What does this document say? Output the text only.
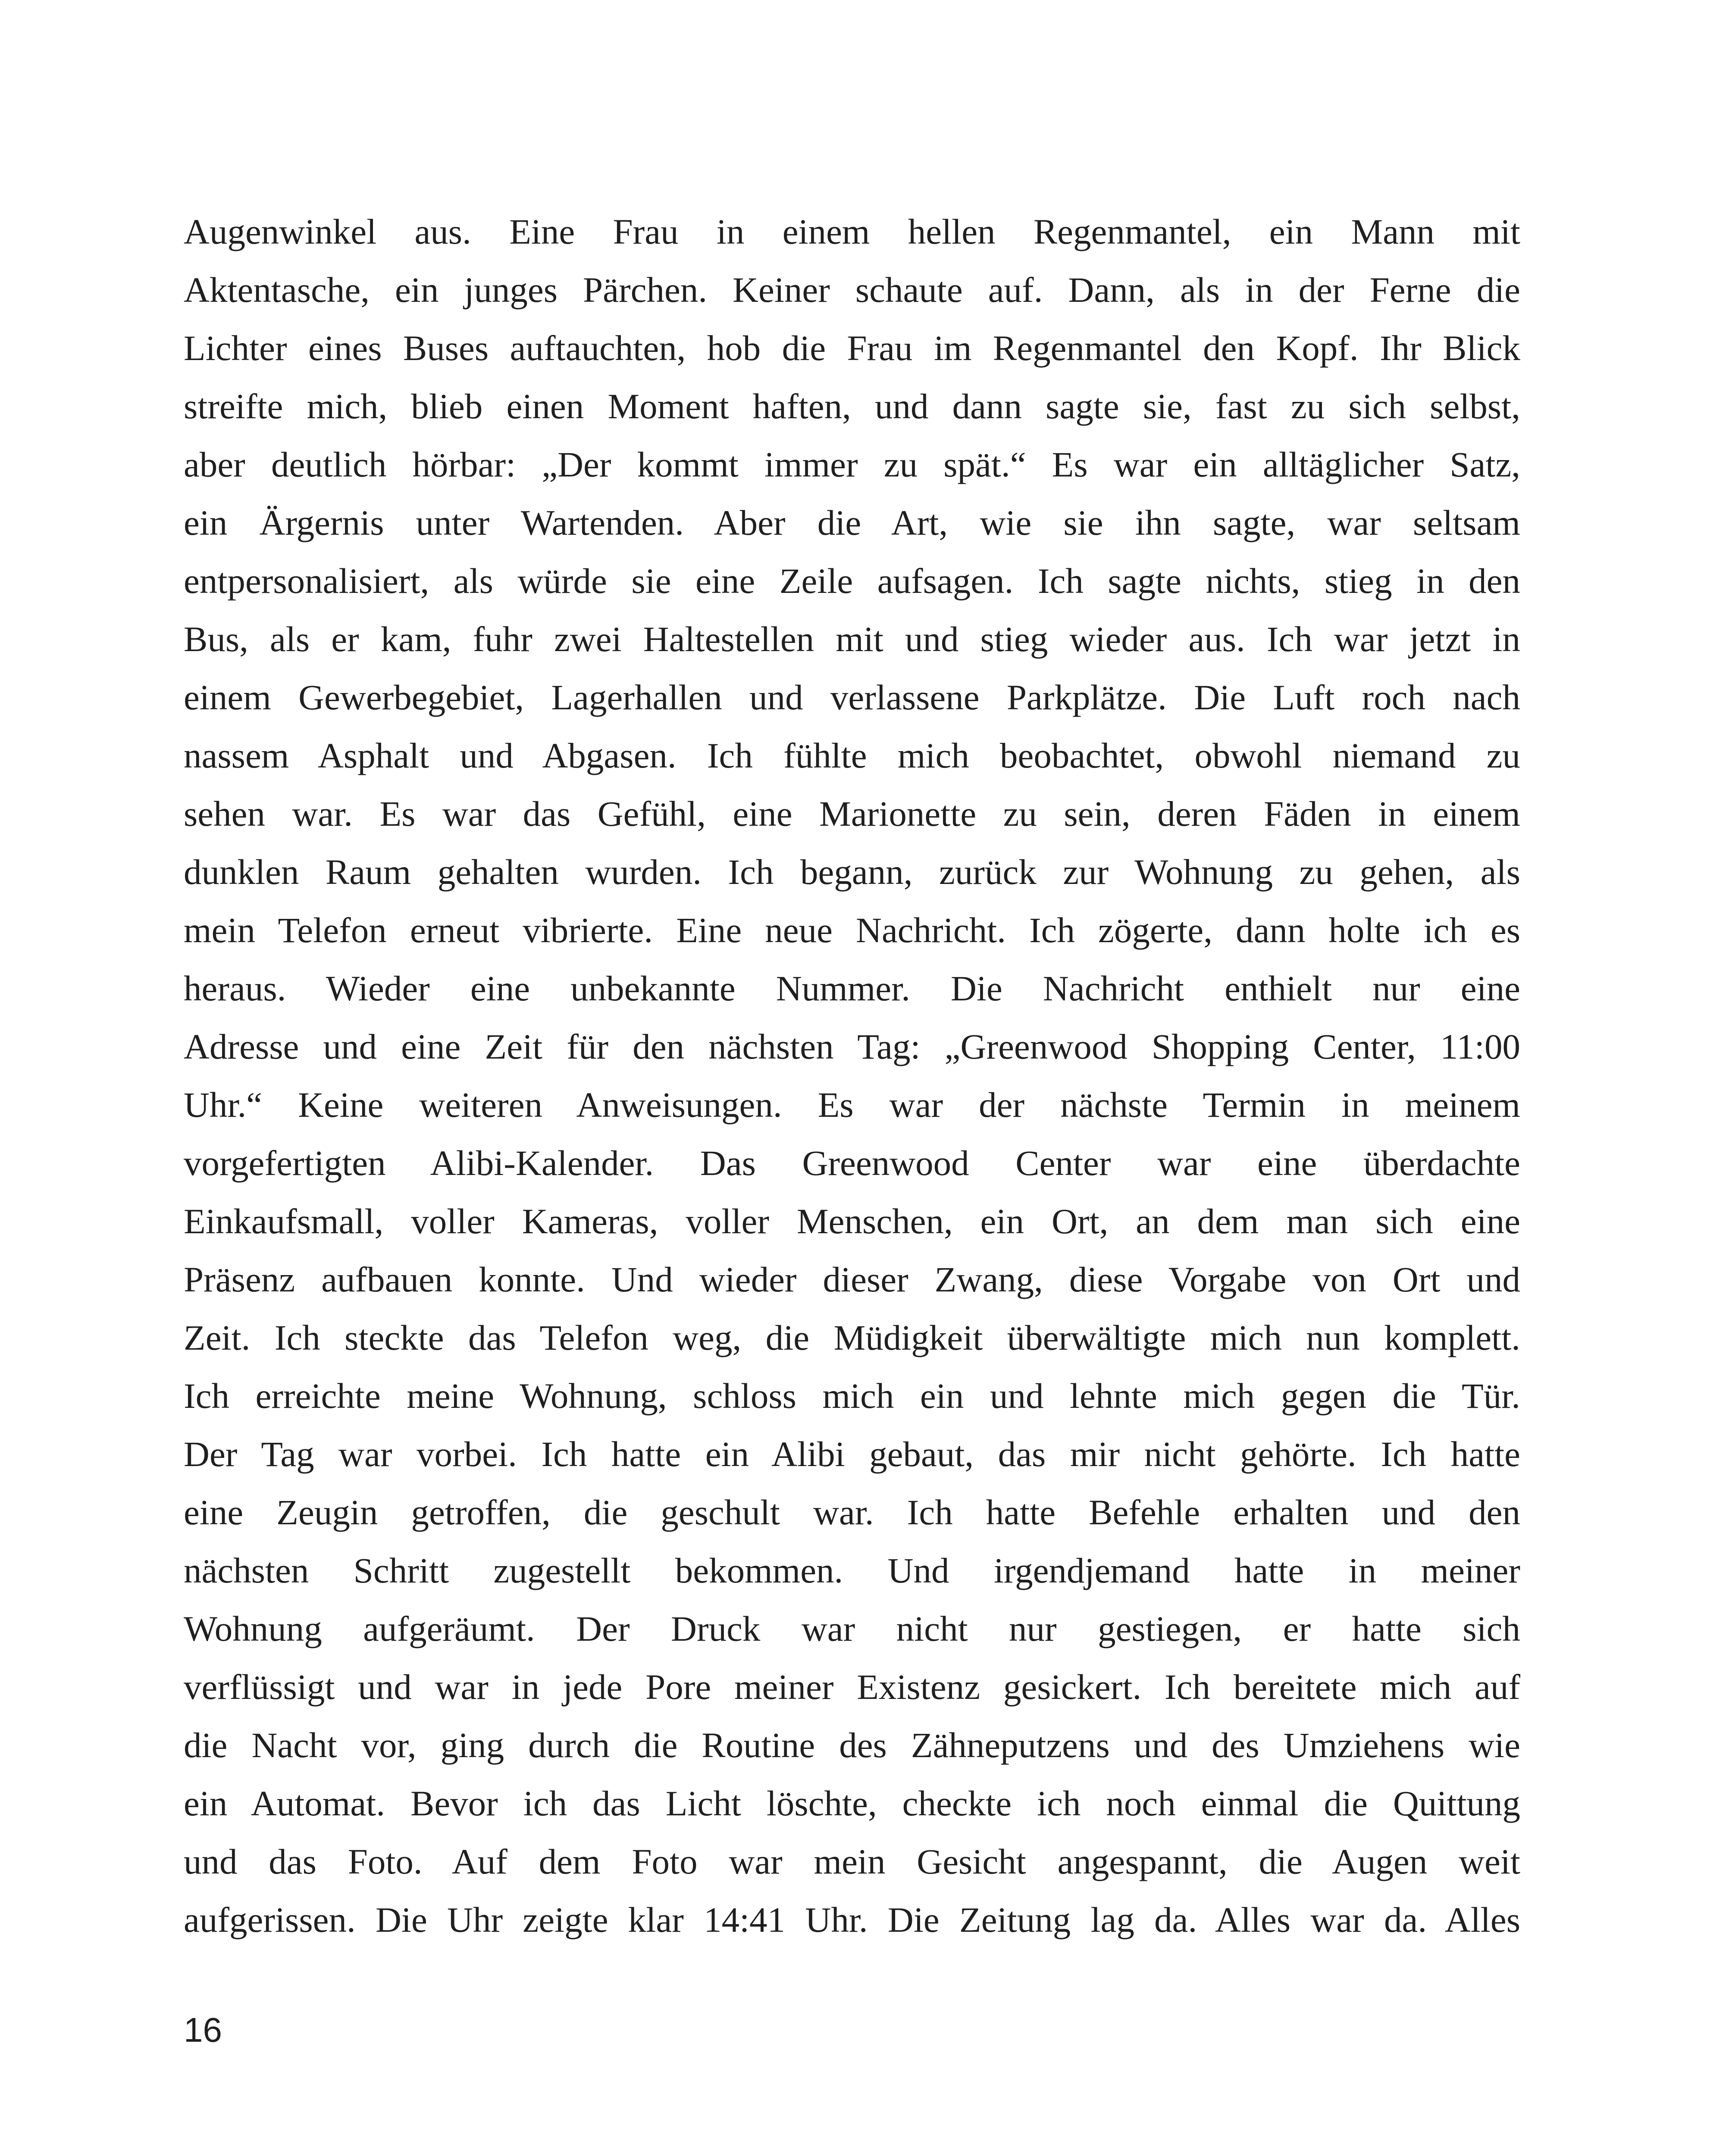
Augenwinkel aus. Eine Frau in einem hellen Regenmantel, ein Mann mit
Aktentasche, ein junges Pärchen. Keiner schaute auf. Dann, als in der Ferne die
Lichter eines Buses auftauchten, hob die Frau im Regenmantel den Kopf. Ihr Blick
streifte mich, blieb einen Moment haften, und dann sagte sie, fast zu sich selbst,
aber deutlich hörbar: „Der kommt immer zu spät.“ Es war ein alltäglicher Satz,
ein Ärgernis unter Wartenden. Aber die Art, wie sie ihn sagte, war seltsam
entpersonalisiert, als würde sie eine Zeile aufsagen. Ich sagte nichts, stieg in den
Bus, als er kam, fuhr zwei Haltestellen mit und stieg wieder aus. Ich war jetzt in
einem Gewerbegebiet, Lagerhallen und verlassene Parkplätze. Die Luft roch nach
nassem Asphalt und Abgasen. Ich fühlte mich beobachtet, obwohl niemand zu
sehen war. Es war das Gefühl, eine Marionette zu sein, deren Fäden in einem
dunklen Raum gehalten wurden. Ich begann, zurück zur Wohnung zu gehen, als
mein Telefon erneut vibrierte. Eine neue Nachricht. Ich zögerte, dann holte ich es
heraus. Wieder eine unbekannte Nummer. Die Nachricht enthielt nur eine
Adresse und eine Zeit für den nächsten Tag: „Greenwood Shopping Center, 11:00
Uhr.“ Keine weiteren Anweisungen. Es war der nächste Termin in meinem
vorgefertigten Alibi-Kalender. Das Greenwood Center war eine überdachte
Einkaufsmall, voller Kameras, voller Menschen, ein Ort, an dem man sich eine
Präsenz aufbauen konnte. Und wieder dieser Zwang, diese Vorgabe von Ort und
Zeit. Ich steckte das Telefon weg, die Müdigkeit überwältigte mich nun komplett.
Ich erreichte meine Wohnung, schloss mich ein und lehnte mich gegen die Tür.
Der Tag war vorbei. Ich hatte ein Alibi gebaut, das mir nicht gehörte. Ich hatte
eine Zeugin getroffen, die geschult war. Ich hatte Befehle erhalten und den
nächsten Schritt zugestellt bekommen. Und irgendjemand hatte in meiner
Wohnung aufgeräumt. Der Druck war nicht nur gestiegen, er hatte sich
verflüssigt und war in jede Pore meiner Existenz gesickert. Ich bereitete mich auf
die Nacht vor, ging durch die Routine des Zähneputzens und des Umziehens wie
ein Automat. Bevor ich das Licht löschte, checkte ich noch einmal die Quittung
und das Foto. Auf dem Foto war mein Gesicht angespannt, die Augen weit
aufgerissen. Die Uhr zeigte klar 14:41 Uhr. Die Zeitung lag da. Alles war da. Alles
16
